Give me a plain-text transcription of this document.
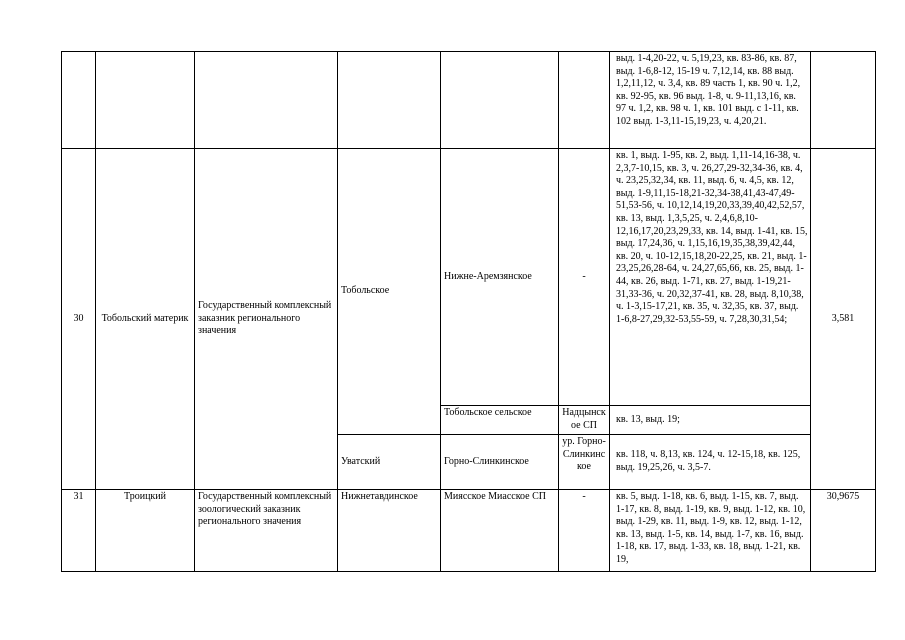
						выд. 1-4,20-22, ч. 5,19,23, кв. 83-86, кв. 87, выд. 1-6,8-12, 15-19 ч. 7,12,14, кв. 88 выд. 1,2,11,12, ч. 3,4, кв. 89 часть 1, кв. 90 ч. 1,2, кв. 92-95, кв. 96 выд. 1-8, ч. 9-11,13,16, кв. 97 ч. 1,2, кв. 98 ч. 1, кв. 101 выд. с 1-11, кв. 102 выд. 1-3,11-15,19,23, ч. 4,20,21.	
30	Тобольский материк	Государственный комплексный заказник регионального значения	Тобольское	Нижне-Аремзянское	-	кв. 1, выд. 1-95, кв. 2, выд. 1,11-14,16-38, ч. 2,3,7-10,15, кв. 3, ч. 26,27,29-32,34-36, кв. 4, ч. 23,25,32,34, кв. 11, выд. 6, ч. 4,5, кв. 12, выд. 1-9,11,15-18,21-32,34-38,41,43-47,49-51,53-56, ч. 10,12,14,19,20,33,39,40,42,52,57, кв. 13, выд. 1,3,5,25, ч. 2,4,6,8,10-12,16,17,20,23,29,33, кв. 14, выд. 1-41, кв. 15, выд. 17,24,36, ч. 1,15,16,19,35,38,39,42,44, кв. 20, ч. 10-12,15,18,20-22,25, кв. 21, выд. 1-23,25,26,28-64, ч. 24,27,65,66, кв. 25, выд. 1-44, кв. 26, выд. 1-71, кв. 27, выд. 1-19,21-31,33-36, ч. 20,32,37-41, кв. 28, выд. 8,10,38, ч. 1-3,15-17,21, кв. 35, ч. 32,35, кв. 37, выд. 1-6,8-27,29,32-53,55-59, ч. 7,28,30,31,54;	3,581
				Тобольское сельское	Надцынское СП	кв. 13, выд. 19;	
			Уватский	Горно-Слинкинское	ур. Горно-Слинкинское	кв. 118, ч. 8,13, кв. 124, ч. 12-15,18, кв. 125, выд. 19,25,26, ч. 3,5-7.	
31	Троицкий	Государственный комплексный зоологический заказник регионального значения	Нижнетавдинское	Миясское Миасское СП	-	кв. 5, выд. 1-18, кв. 6, выд. 1-15, кв. 7, выд. 1-17, кв. 8, выд. 1-19, кв. 9, выд. 1-12, кв. 10, выд. 1-29, кв. 11, выд. 1-9, кв. 12, выд. 1-12, кв. 13, выд. 1-5, кв. 14, выд. 1-7, кв. 16, выд. 1-18, кв. 17, выд. 1-33, кв. 18, выд. 1-21, кв. 19,	30,9675
